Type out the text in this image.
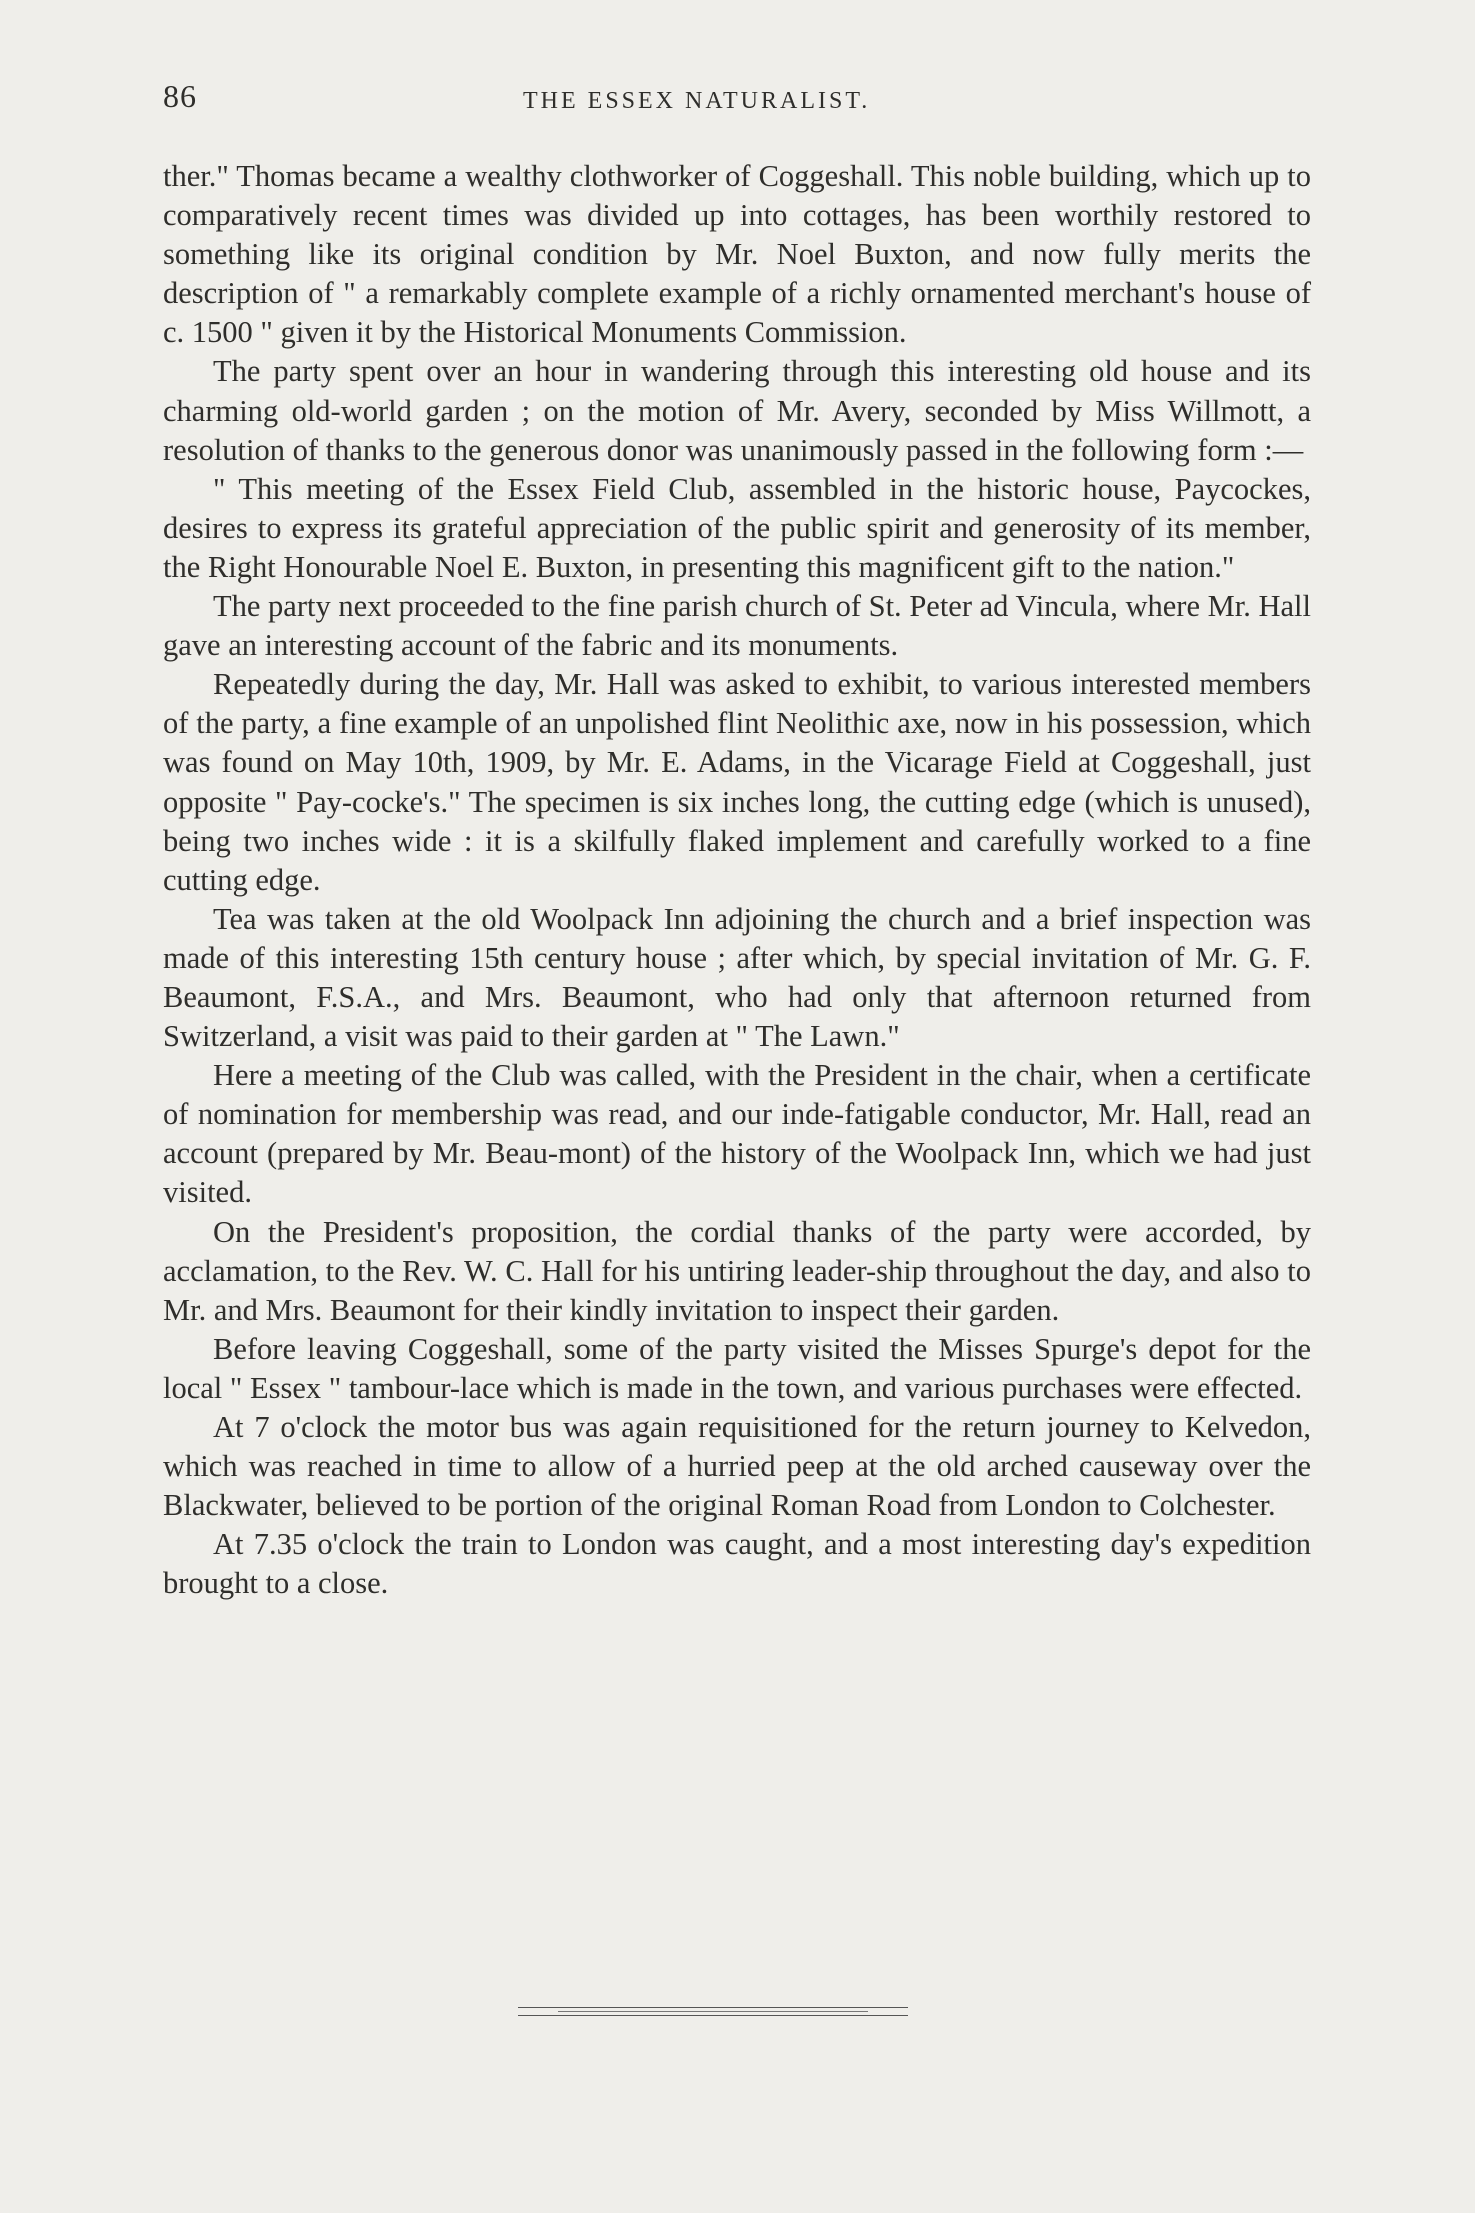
86	THE ESSEX NATURALIST.

ther." Thomas became a wealthy clothworker of Coggeshall. This noble building, which up to comparatively recent times was divided up into cottages, has been worthily restored to something like its original condition by Mr. Noel Buxton, and now fully merits the description of " a remarkably complete example of a richly ornamented merchant's house of c. 1500 " given it by the Historical Monuments Commission.

The party spent over an hour in wandering through this interesting old house and its charming old-world garden ; on the motion of Mr. Avery, seconded by Miss Willmott, a resolution of thanks to the generous donor was unanimously passed in the following form :—

" This meeting of the Essex Field Club, assembled in the historic house, Paycockes, desires to express its grateful appreciation of the public spirit and generosity of its member, the Right Honourable Noel E. Buxton, in presenting this magnificent gift to the nation."

The party next proceeded to the fine parish church of St. Peter ad Vincula, where Mr. Hall gave an interesting account of the fabric and its monuments.

Repeatedly during the day, Mr. Hall was asked to exhibit, to various interested members of the party, a fine example of an unpolished flint Neolithic axe, now in his possession, which was found on May 10th, 1909, by Mr. E. Adams, in the Vicarage Field at Coggeshall, just opposite " Pay-cocke's." The specimen is six inches long, the cutting edge (which is unused), being two inches wide : it is a skilfully flaked implement and carefully worked to a fine cutting edge.

Tea was taken at the old Woolpack Inn adjoining the church and a brief inspection was made of this interesting 15th century house ; after which, by special invitation of Mr. G. F. Beaumont, F.S.A., and Mrs. Beaumont, who had only that afternoon returned from Switzerland, a visit was paid to their garden at " The Lawn."

Here a meeting of the Club was called, with the President in the chair, when a certificate of nomination for membership was read, and our inde-fatigable conductor, Mr. Hall, read an account (prepared by Mr. Beau-mont) of the history of the Woolpack Inn, which we had just visited.

On the President's proposition, the cordial thanks of the party were accorded, by acclamation, to the Rev. W. C. Hall for his untiring leader-ship throughout the day, and also to Mr. and Mrs. Beaumont for their kindly invitation to inspect their garden.

Before leaving Coggeshall, some of the party visited the Misses Spurge's depot for the local " Essex " tambour-lace which is made in the town, and various purchases were effected.

At 7 o'clock the motor bus was again requisitioned for the return journey to Kelvedon, which was reached in time to allow of a hurried peep at the old arched causeway over the Blackwater, believed to be portion of the original Roman Road from London to Colchester.

At 7.35 o'clock the train to London was caught, and a most interesting day's expedition brought to a close.
